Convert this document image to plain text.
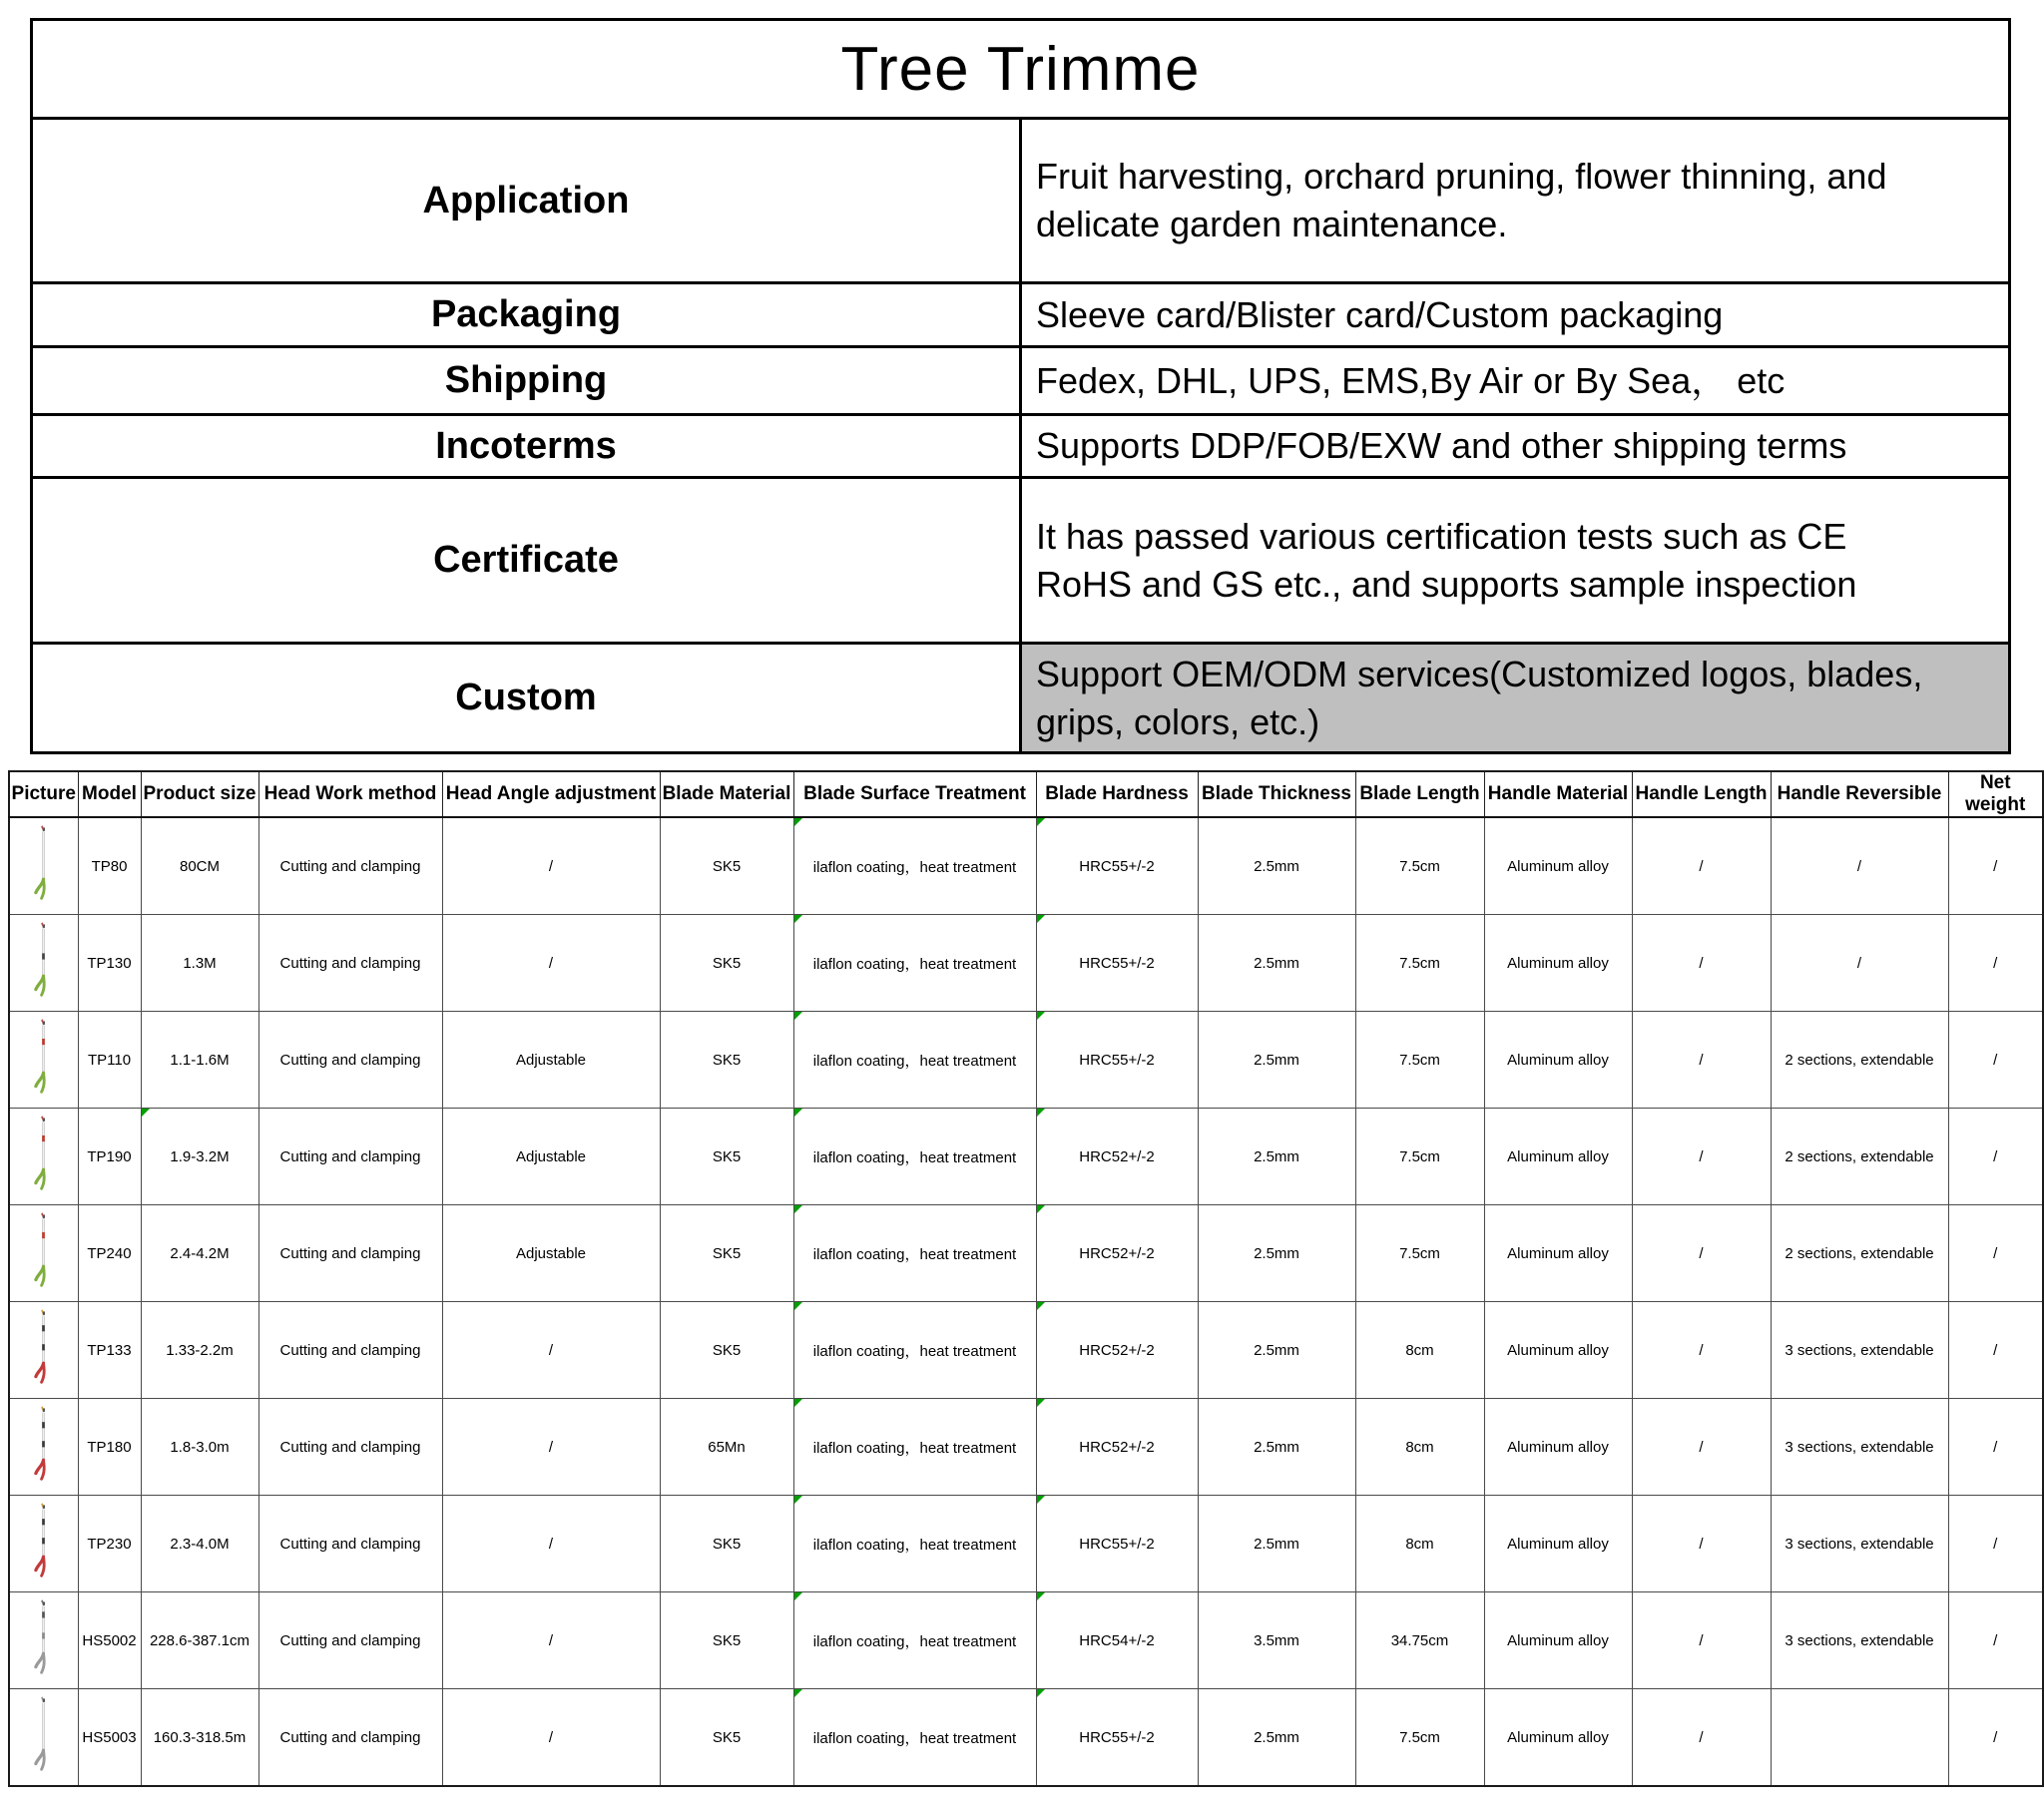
Tree Trimme	
Application	Fruit harvesting, orchard pruning, flower thinning, and delicate garden maintenance.
Packaging	Sleeve card/Blister card/Custom packaging
Shipping	Fedex, DHL, UPS, EMS,By Air or By Sea， etc
Incoterms	Supports DDP/FOB/EXW and other shipping terms
Certificate	It has passed various certification tests such as CE RoHS and GS etc., and supports sample inspection
Custom	Support OEM/ODM services(Customized logos, blades, grips, colors, etc.)
Picture	Model	Product size	Head Work method	Head Angle adjustment	Blade Material	Blade Surface Treatment	Blade Hardness	Blade Thickness	Blade Length	Handle Material	Handle Length	Handle Reversible	Net weight
	TP80	80CM	Cutting and clamping	/	SK5	ilaflon coating，heat treatment	HRC55+/-2	2.5mm	7.5cm	Aluminum alloy	/	/	/
	TP130	1.3M	Cutting and clamping	/	SK5	ilaflon coating，heat treatment	HRC55+/-2	2.5mm	7.5cm	Aluminum alloy	/	/	/
	TP110	1.1-1.6M	Cutting and clamping	Adjustable	SK5	ilaflon coating，heat treatment	HRC55+/-2	2.5mm	7.5cm	Aluminum alloy	/	2 sections, extendable	/
	TP190	1.9-3.2M	Cutting and clamping	Adjustable	SK5	ilaflon coating，heat treatment	HRC52+/-2	2.5mm	7.5cm	Aluminum alloy	/	2 sections, extendable	/
	TP240	2.4-4.2M	Cutting and clamping	Adjustable	SK5	ilaflon coating，heat treatment	HRC52+/-2	2.5mm	7.5cm	Aluminum alloy	/	2 sections, extendable	/
	TP133	1.33-2.2m	Cutting and clamping	/	SK5	ilaflon coating，heat treatment	HRC52+/-2	2.5mm	8cm	Aluminum alloy	/	3 sections, extendable	/
	TP180	1.8-3.0m	Cutting and clamping	/	65Mn	ilaflon coating，heat treatment	HRC52+/-2	2.5mm	8cm	Aluminum alloy	/	3 sections, extendable	/
	TP230	2.3-4.0M	Cutting and clamping	/	SK5	ilaflon coating，heat treatment	HRC55+/-2	2.5mm	8cm	Aluminum alloy	/	3 sections, extendable	/
	HS5002	228.6-387.1cm	Cutting and clamping	/	SK5	ilaflon coating，heat treatment	HRC54+/-2	3.5mm	34.75cm	Aluminum alloy	/	3 sections, extendable	/
	HS5003	160.3-318.5m	Cutting and clamping	/	SK5	ilaflon coating，heat treatment	HRC55+/-2	2.5mm	7.5cm	Aluminum alloy	/		/
